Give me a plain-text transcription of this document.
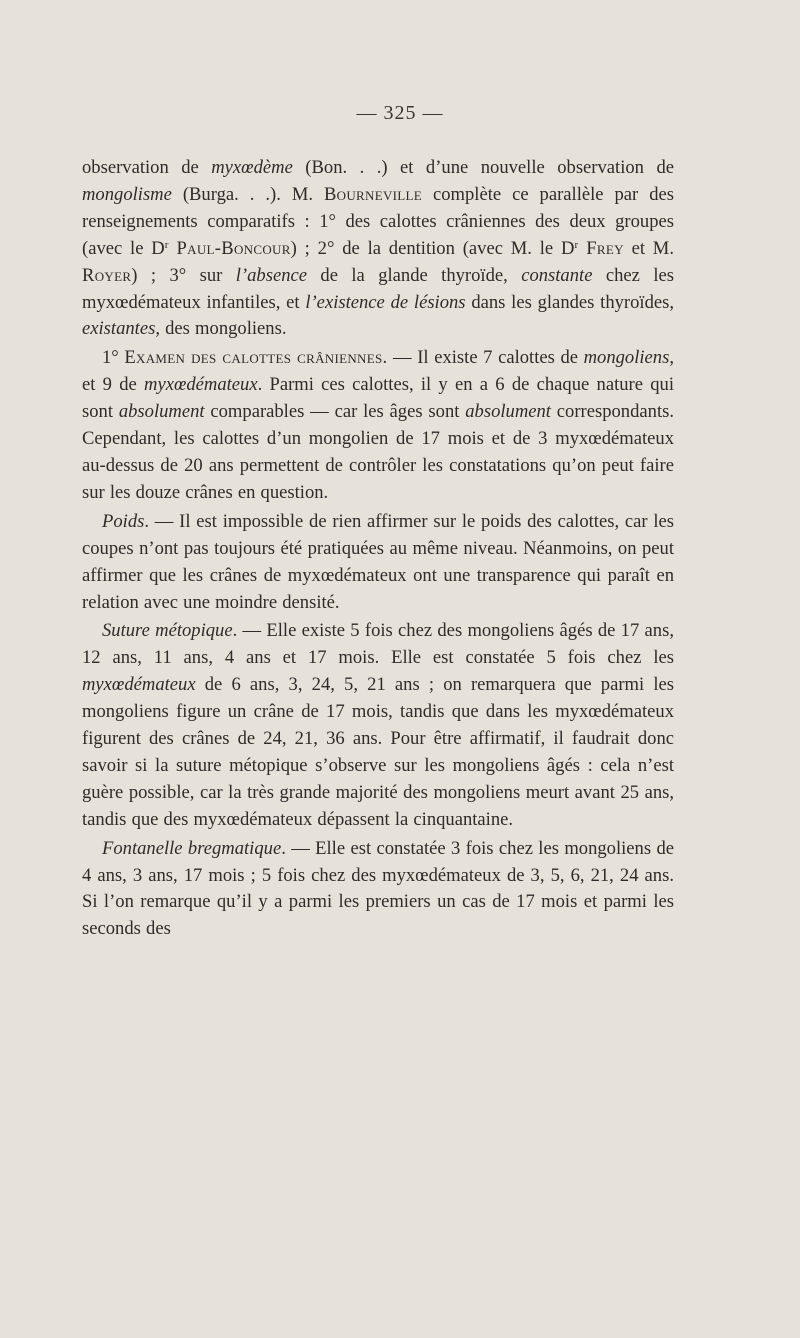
— 325 —

observation de myxœdème (Bon. . .) et d’une nouvelle observation de mongolisme (Burga. . .). M. Bourneville complète ce parallèle par des renseignements comparatifs : 1° des calottes crâniennes des deux groupes (avec le $D^r$ Paul-Boncour) ; 2° de la dentition (avec M. le $D^r$ Frey et M. Royer) ; 3° sur l’absence de la glande thyroïde, constante chez les myxœdémateux infantiles, et l’existence de lésions dans les glandes thyroïdes, existantes, des mongoliens.

1° Examen des calottes crâniennes. — Il existe 7 calottes de mongoliens, et 9 de myxœdémateux. Parmi ces calottes, il y en a 6 de chaque nature qui sont absolument comparables — car les âges sont absolument correspondants. Cependant, les calottes d’un mongolien de 17 mois et de 3 myxœdémateux au-dessus de 20 ans permettent de contrôler les constatations qu’on peut faire sur les douze crânes en question.

Poids. — Il est impossible de rien affirmer sur le poids des calottes, car les coupes n’ont pas toujours été pratiquées au même niveau. Néanmoins, on peut affirmer que les crânes de myxœdémateux ont une transparence qui paraît en relation avec une moindre densité.

Suture métopique. — Elle existe 5 fois chez des mongoliens âgés de 17 ans, 12 ans, 11 ans, 4 ans et 17 mois. Elle est constatée 5 fois chez les myxœdémateux de 6 ans, 3, 24, 5, 21 ans ; on remarquera que parmi les mongoliens figure un crâne de 17 mois, tandis que dans les myxœdémateux figurent des crânes de 24, 21, 36 ans. Pour être affirmatif, il faudrait donc savoir si la suture métopique s’observe sur les mongoliens âgés : cela n’est guère possible, car la très grande majorité des mongoliens meurt avant 25 ans, tandis que des myxœdémateux dépassent la cinquantaine.

Fontanelle bregmatique. — Elle est constatée 3 fois chez les mongoliens de 4 ans, 3 ans, 17 mois ; 5 fois chez des myxœdémateux de 3, 5, 6, 21, 24 ans. Si l’on remarque qu’il y a parmi les premiers un cas de 17 mois et parmi les seconds des
